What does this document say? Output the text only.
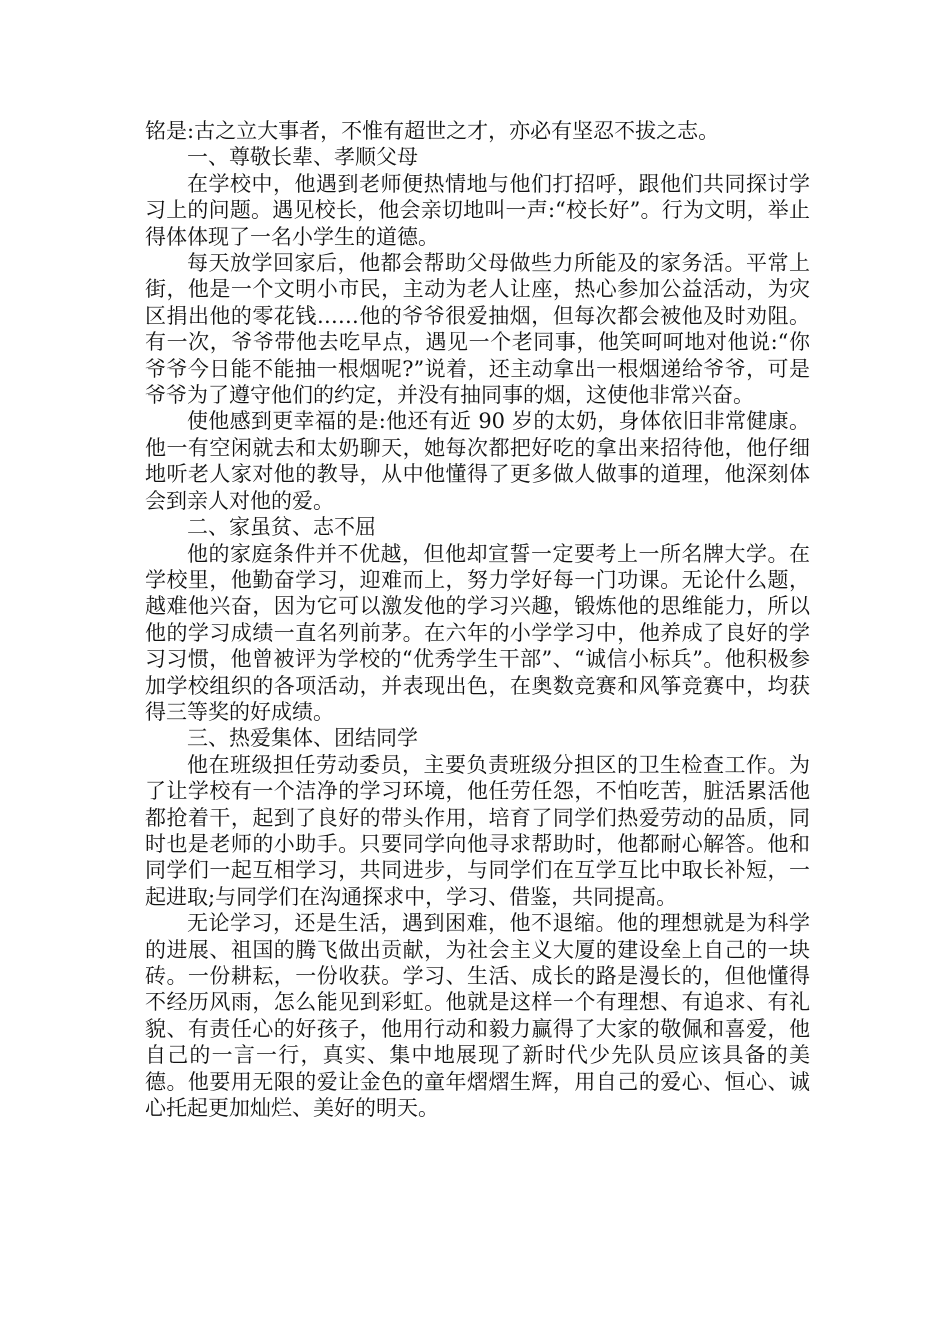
铭是:古之立大事者，不惟有超世之才，亦必有坚忍不拔之志。

一、尊敬长辈、孝顺父母

在学校中，他遇到老师便热情地与他们打招呼，跟他们共同探讨学习上的问题。遇见校长，他会亲切地叫一声:“校长好”。行为文明，举止得体体现了一名小学生的道德。

每天放学回家后，他都会帮助父母做些力所能及的家务活。平常上街，他是一个文明小市民，主动为老人让座，热心参加公益活动，为灾区捐出他的零花钱……他的爷爷很爱抽烟，但每次都会被他及时劝阻。有一次，爷爷带他去吃早点，遇见一个老同事，他笑呵呵地对他说:“你爷爷今日能不能抽一根烟呢?”说着，还主动拿出一根烟递给爷爷，可是爷爷为了遵守他们的约定，并没有抽同事的烟，这使他非常兴奋。

使他感到更幸福的是:他还有近 90 岁的太奶，身体依旧非常健康。他一有空闲就去和太奶聊天，她每次都把好吃的拿出来招待他，他仔细地听老人家对他的教导，从中他懂得了更多做人做事的道理，他深刻体会到亲人对他的爱。

二、家虽贫、志不屈

他的家庭条件并不优越，但他却宣誓一定要考上一所名牌大学。在学校里，他勤奋学习，迎难而上，努力学好每一门功课。无论什么题，越难他兴奋，因为它可以激发他的学习兴趣，锻炼他的思维能力，所以他的学习成绩一直名列前茅。在六年的小学学习中，他养成了良好的学习习惯，他曾被评为学校的“优秀学生干部”、“诚信小标兵”。他积极参加学校组织的各项活动，并表现出色，在奥数竞赛和风筝竞赛中，均获得三等奖的好成绩。

三、热爱集体、团结同学

他在班级担任劳动委员，主要负责班级分担区的卫生检查工作。为了让学校有一个洁净的学习环境，他任劳任怨，不怕吃苦，脏活累活他都抢着干，起到了良好的带头作用，培育了同学们热爱劳动的品质，同时也是老师的小助手。只要同学向他寻求帮助时，他都耐心解答。他和同学们一起互相学习，共同进步，与同学们在互学互比中取长补短，一起进取;与同学们在沟通探求中，学习、借鉴，共同提高。

无论学习，还是生活，遇到困难，他不退缩。他的理想就是为科学的进展、祖国的腾飞做出贡献，为社会主义大厦的建设垒上自己的一块砖。一份耕耘，一份收获。学习、生活、成长的路是漫长的，但他懂得不经历风雨，怎么能见到彩虹。他就是这样一个有理想、有追求、有礼貌、有责任心的好孩子，他用行动和毅力赢得了大家的敬佩和喜爱，他自己的一言一行，真实、集中地展现了新时代少先队员应该具备的美德。他要用无限的爱让金色的童年熠熠生辉，用自己的爱心、恒心、诚心托起更加灿烂、美好的明天。
